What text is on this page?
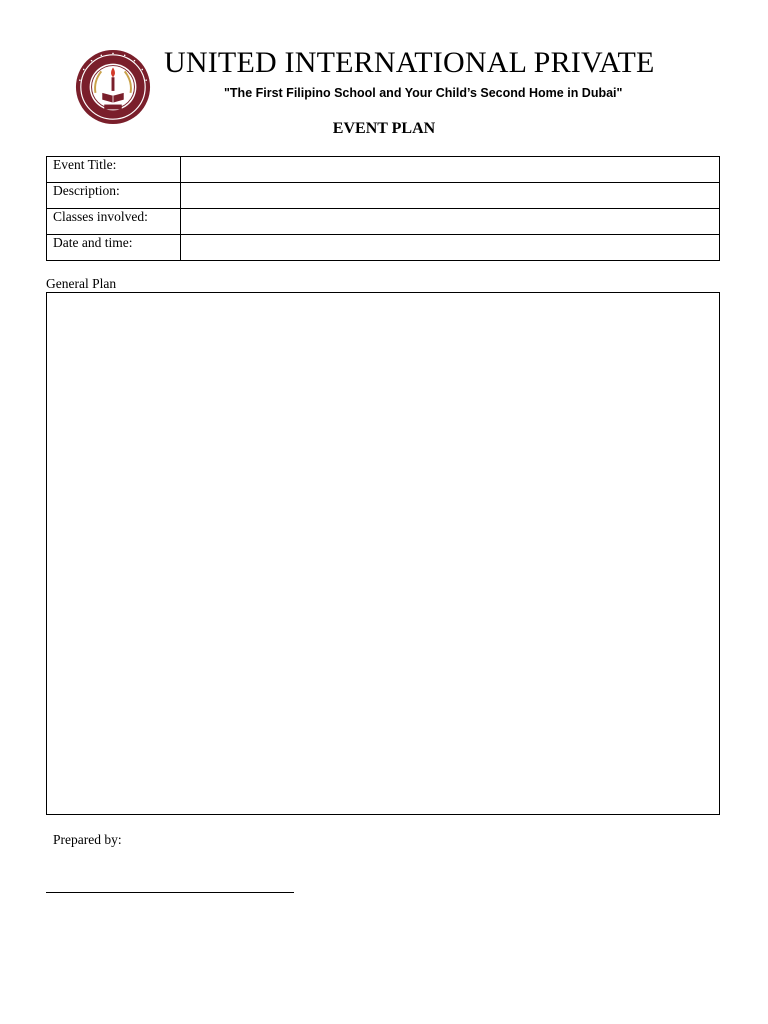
UNITED INTERNATIONAL PRIVATE
"The First Filipino School and Your Child’s Second Home in Dubai"
EVENT PLAN
Event Title:	
Description:	
Classes involved:	
Date and time:	
General Plan
Prepared by:
